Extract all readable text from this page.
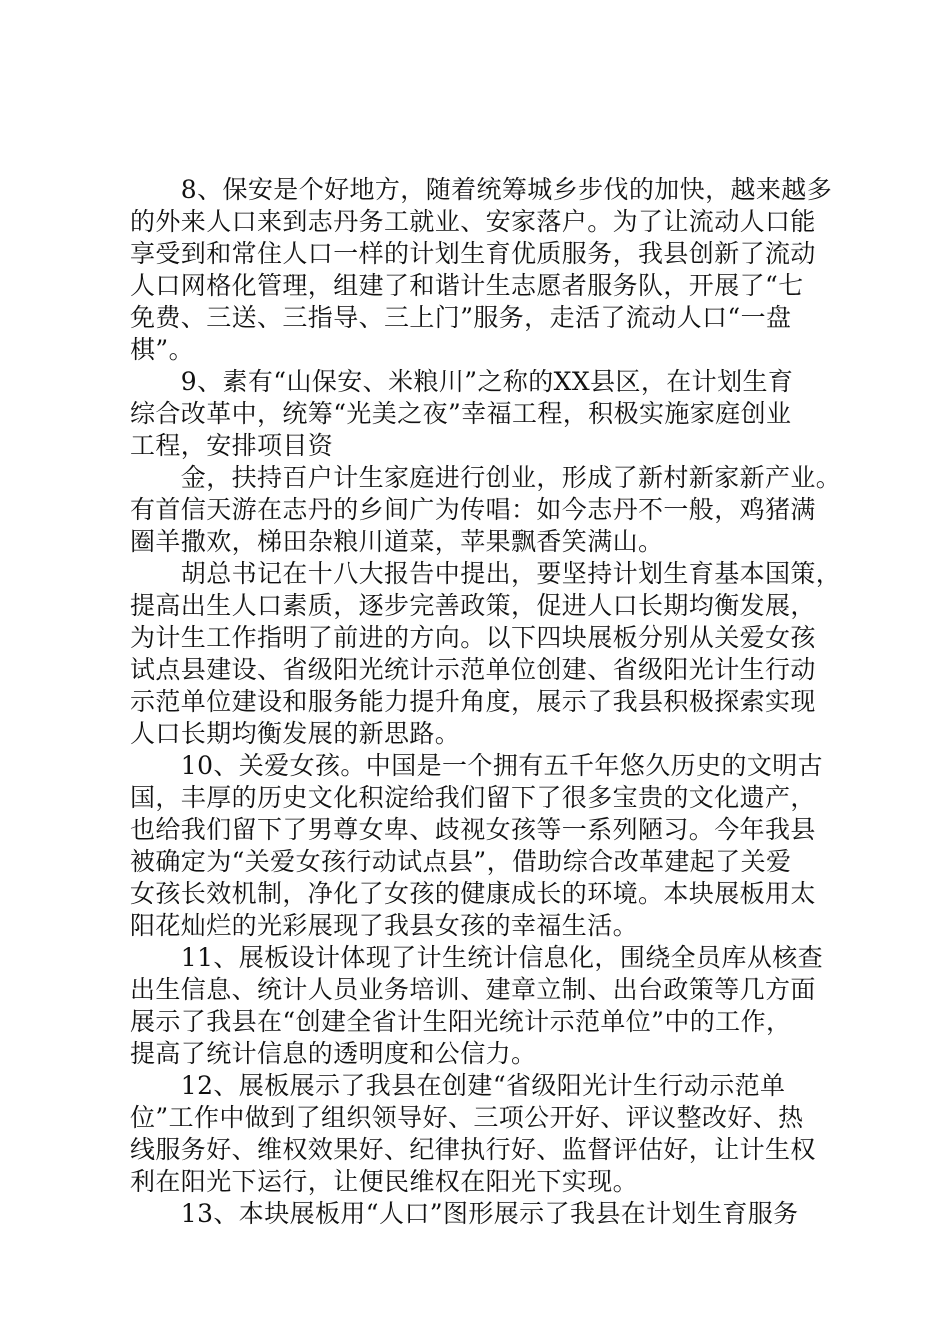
　　8、保安是个好地方，随着统筹城乡步伐的加快，越来越多
的外来人口来到志丹务工就业、安家落户。为了让流动人口能
享受到和常住人口一样的计划生育优质服务，我县创新了流动
人口网格化管理，组建了和谐计生志愿者服务队，开展了“七
免费、三送、三指导、三上门”服务，走活了流动人口“一盘
棋”。
　　9、素有“山保安、米粮川”之称的XX县区，在计划生育
综合改革中，统筹“光美之夜”幸福工程，积极实施家庭创业
工程，安排项目资
　　金，扶持百户计生家庭进行创业，形成了新村新家新产业。
有首信天游在志丹的乡间广为传唱：如今志丹不一般，鸡猪满
圈羊撒欢，梯田杂粮川道菜，苹果飘香笑满山。
　　胡总书记在十八大报告中提出，要坚持计划生育基本国策，
提高出生人口素质，逐步完善政策，促进人口长期均衡发展，
为计生工作指明了前进的方向。以下四块展板分别从关爱女孩
试点县建设、省级阳光统计示范单位创建、省级阳光计生行动
示范单位建设和服务能力提升角度，展示了我县积极探索实现
人口长期均衡发展的新思路。
　　10、关爱女孩。中国是一个拥有五千年悠久历史的文明古
国，丰厚的历史文化积淀给我们留下了很多宝贵的文化遗产，
也给我们留下了男尊女卑、歧视女孩等一系列陋习。今年我县
被确定为“关爱女孩行动试点县”，借助综合改革建起了关爱
女孩长效机制，净化了女孩的健康成长的环境。本块展板用太
阳花灿烂的光彩展现了我县女孩的幸福生活。
　　11、展板设计体现了计生统计信息化，围绕全员库从核查
出生信息、统计人员业务培训、建章立制、出台政策等几方面
展示了我县在“创建全省计生阳光统计示范单位”中的工作，
提高了统计信息的透明度和公信力。
　　12、展板展示了我县在创建“省级阳光计生行动示范单
位”工作中做到了组织领导好、三项公开好、评议整改好、热
线服务好、维权效果好、纪律执行好、监督评估好，让计生权
利在阳光下运行，让便民维权在阳光下实现。
　　13、本块展板用“人口”图形展示了我县在计划生育服务
